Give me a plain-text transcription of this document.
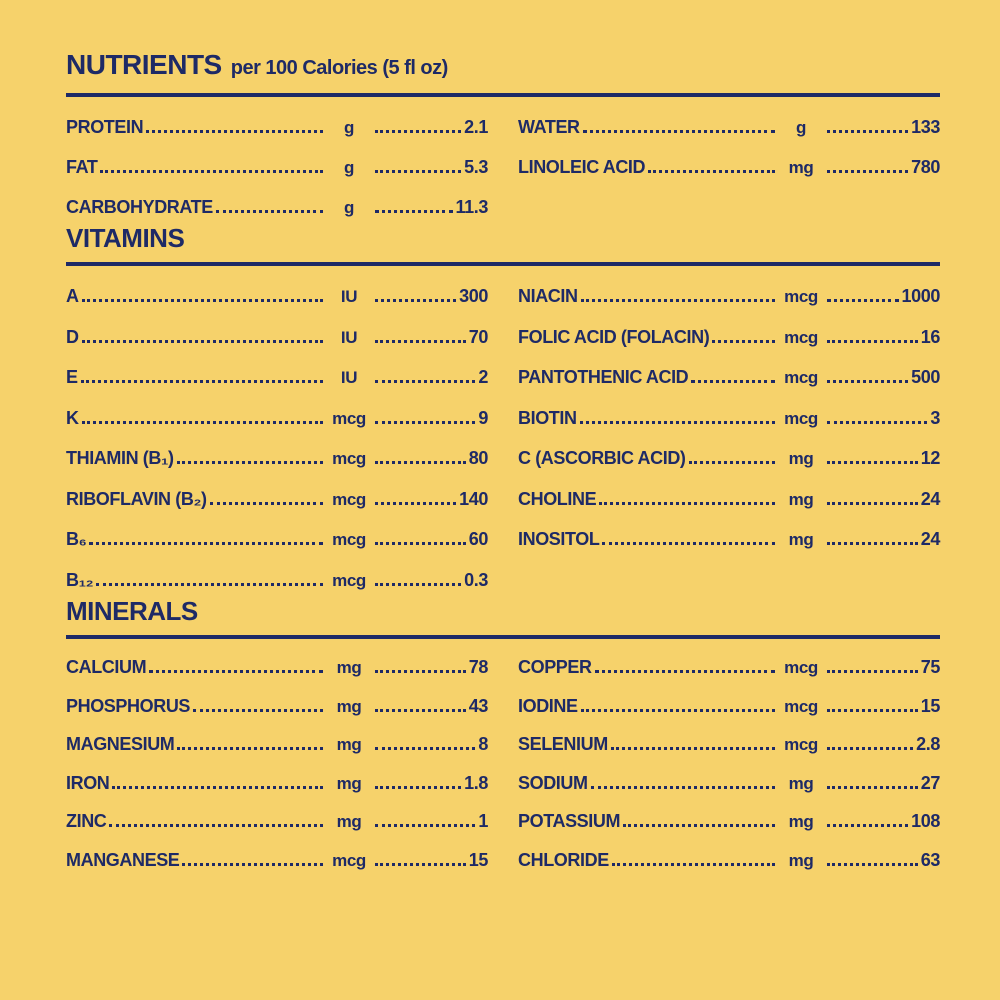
NUTRIENTS per 100 Calories (5 fl oz)
PROTEIN	g	2.1
FAT	g	5.3
CARBOHYDRATE	g	11.3
WATER	g	133
LINOLEIC ACID	mg	780
VITAMINS
A	IU	300
D	IU	70
E	IU	2
K	mcg	9
THIAMIN (B₁)	mcg	80
RIBOFLAVIN (B₂)	mcg	140
B₆	mcg	60
B₁₂	mcg	0.3
NIACIN	mcg	1000
FOLIC ACID (FOLACIN)	mcg	16
PANTOTHENIC ACID	mcg	500
BIOTIN	mcg	3
C (ASCORBIC ACID)	mg	12
CHOLINE	mg	24
INOSITOL	mg	24
MINERALS
CALCIUM	mg	78
PHOSPHORUS	mg	43
MAGNESIUM	mg	8
IRON	mg	1.8
ZINC	mg	1
MANGANESE	mcg	15
COPPER	mcg	75
IODINE	mcg	15
SELENIUM	mcg	2.8
SODIUM	mg	27
POTASSIUM	mg	108
CHLORIDE	mg	63
